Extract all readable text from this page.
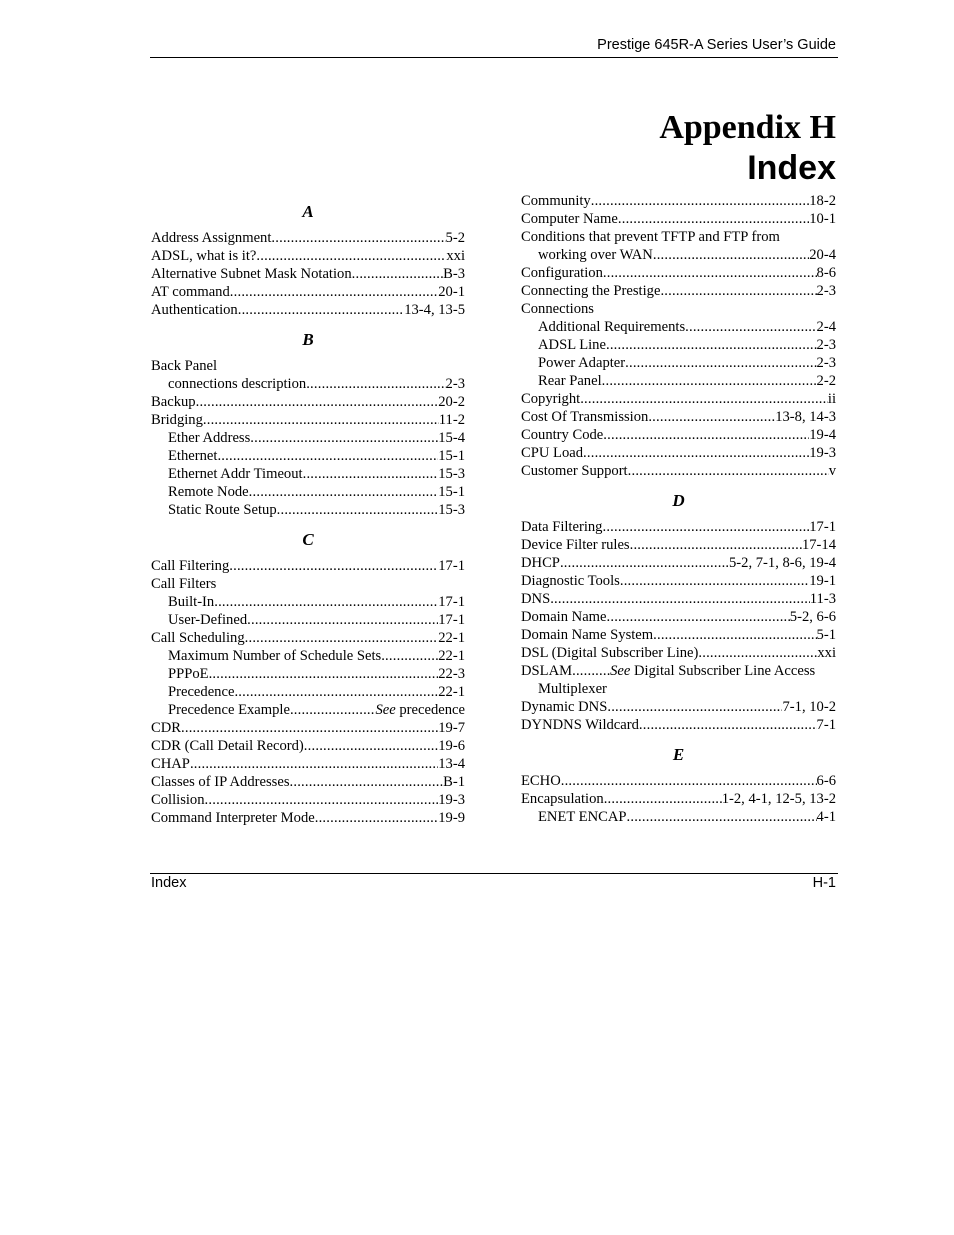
Prestige 645R-A Series User’s Guide
Appendix H
Index
A
Address Assignment .....	5-2
ADSL, what is it? .....	xxi
Alternative Subnet Mask Notation .....	B-3
AT command .....	20-1
Authentication .....	13-4, 13-5
B
Back Panel
connections description .....	2-3
Backup .....	20-2
Bridging .....	11-2
Ether Address .....	15-4
Ethernet .....	15-1
Ethernet Addr Timeout .....	15-3
Remote Node .....	15-1
Static Route Setup .....	15-3
C
Call Filtering .....	17-1
Call Filters
Built-In .....	17-1
User-Defined .....	17-1
Call Scheduling .....	22-1
Maximum Number of Schedule Sets .....	22-1
PPPoE .....	22-3
Precedence .....	22-1
Precedence Example .....	See precedence
CDR .....	19-7
CDR (Call Detail Record) .....	19-6
CHAP .....	13-4
Classes of IP Addresses .....	B-1
Collision .....	19-3
Command Interpreter Mode .....	19-9
Community .....	18-2
Computer Name .....	10-1
Conditions that prevent TFTP and FTP from
working over WAN .....	20-4
Configuration .....	8-6
Connecting the Prestige .....	2-3
Connections
Additional Requirements .....	2-4
ADSL Line .....	2-3
Power Adapter .....	2-3
Rear Panel .....	2-2
Copyright .....	ii
Cost Of Transmission .....	13-8, 14-3
Country Code .....	19-4
CPU Load .....	19-3
Customer Support .....	v
D
Data Filtering .....	17-1
Device Filter rules .....	17-14
DHCP .....	5-2, 7-1, 8-6, 19-4
Diagnostic Tools .....	19-1
DNS .....	11-3
Domain Name .....	5-2, 6-6
Domain Name System .....	5-1
DSL (Digital Subscriber Line) .....	xxi
DSLAM .....	See Digital Subscriber Line Access
Multiplexer
Dynamic DNS .....	7-1, 10-2
DYNDNS Wildcard .....	7-1
E
ECHO .....	6-6
Encapsulation .....	1-2, 4-1, 12-5, 13-2
ENET ENCAP .....	4-1
Index	H-1
